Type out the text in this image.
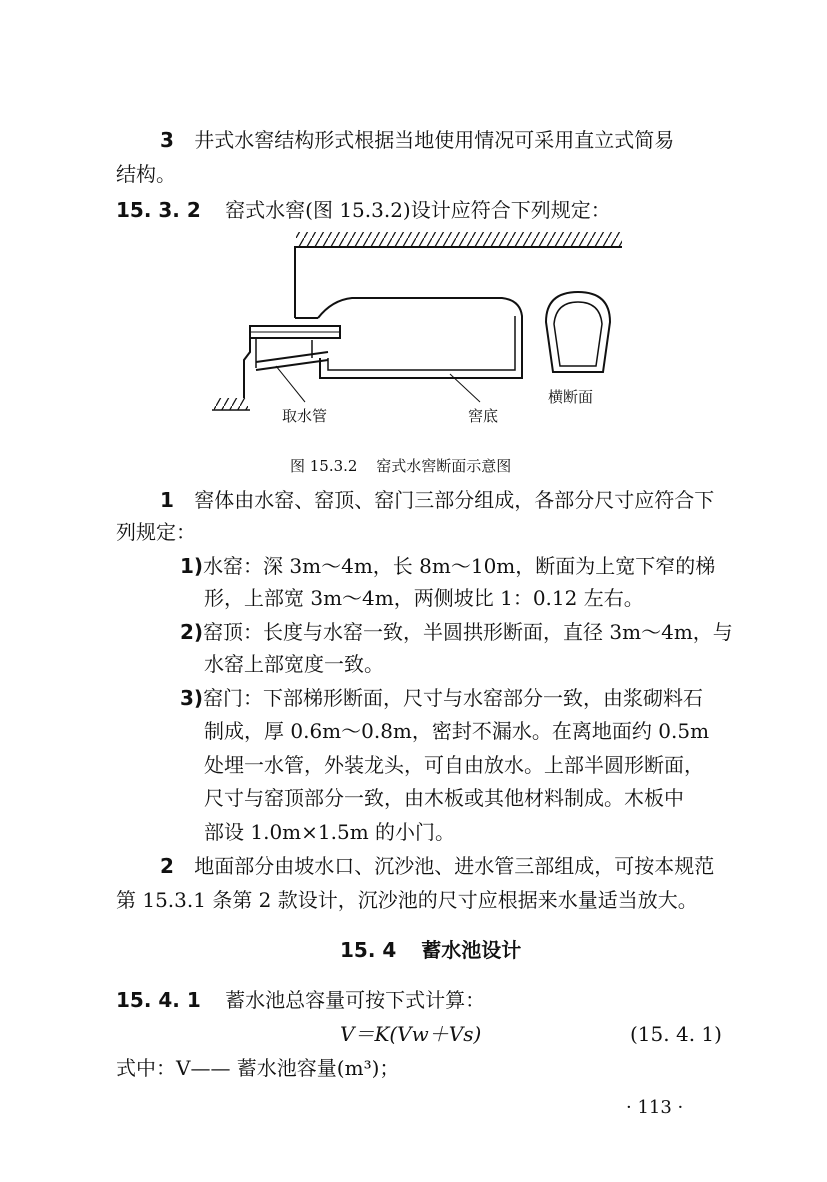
3 井式水窖结构形式根据当地使用情况可采用直立式简易
结构。
15. 3. 2 窑式水窖(图 15.3.2)设计应符合下列规定：
取水管	窖底
横断面
图 15.3.2 窑式水窖断面示意图
1 窖体由水窑、窑顶、窑门三部分组成，各部分尺寸应符合下
列规定：
1)水窑：深 3m～4m，长 8m～10m，断面为上宽下窄的梯
形，上部宽 3m～4m，两侧坡比 1：0.12 左右。
2)窑顶：长度与水窑一致，半圆拱形断面，直径 3m～4m，与
水窑上部宽度一致。
3)窑门：下部梯形断面，尺寸与水窑部分一致，由浆砌料石
制成，厚 0.6m～0.8m，密封不漏水。在离地面约 0.5m
处埋一水管，外装龙头，可自由放水。上部半圆形断面，
尺寸与窑顶部分一致，由木板或其他材料制成。木板中
部设 1.0m×1.5m 的小门。
2 地面部分由坡水口、沉沙池、进水管三部组成，可按本规范
第 15.3.1 条第 2 款设计，沉沙池的尺寸应根据来水量适当放大。
15. 4 蓄水池设计
15. 4. 1 蓄水池总容量可按下式计算：
V＝K(Vw＋Vs)	(15. 4. 1)
式中：V—— 蓄水池容量(m³)；
· 113 ·
